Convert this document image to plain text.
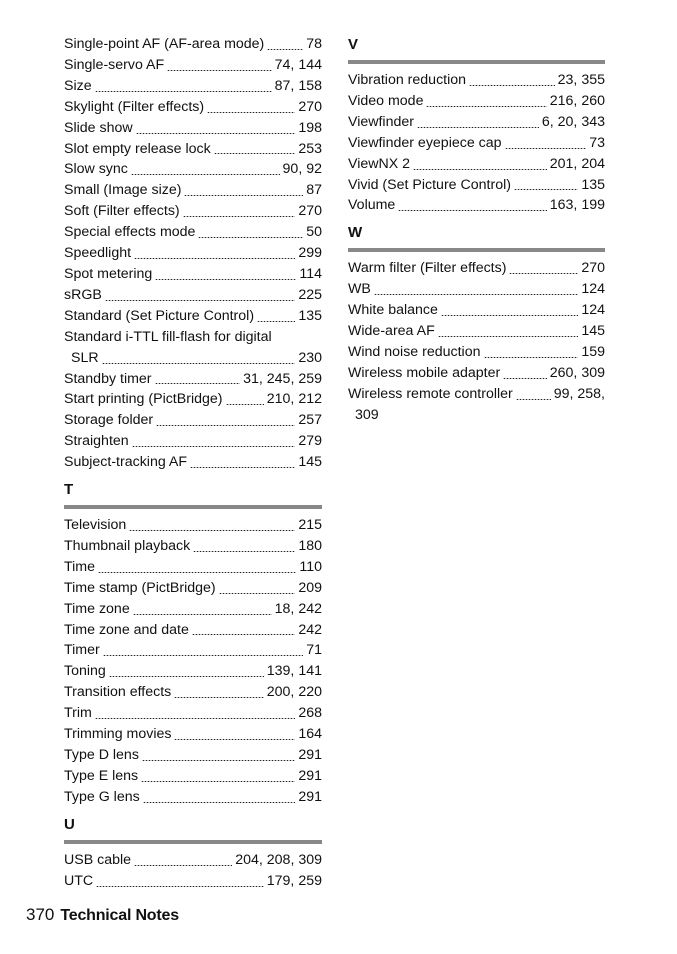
Single-point AF (AF-area mode)	78
Single-servo AF	74, 144
Size	87, 158
Skylight (Filter effects)	270
Slide show	198
Slot empty release lock	253
Slow sync	90, 92
Small (Image size)	87
Soft (Filter effects)	270
Special effects mode	50
Speedlight	299
Spot metering	114
sRGB	225
Standard (Set Picture Control)	135
Standard i-TTL fill-flash for digital
SLR	230
Standby timer	31, 245, 259
Start printing (PictBridge)	210, 212
Storage folder	257
Straighten	279
Subject-tracking AF	145
T
Television	215
Thumbnail playback	180
Time	110
Time stamp (PictBridge)	209
Time zone	18, 242
Time zone and date	242
Timer	71
Toning	139, 141
Transition effects	200, 220
Trim	268
Trimming movies	164
Type D lens	291
Type E lens	291
Type G lens	291
U
USB cable	204, 208, 309
UTC	179, 259
V
Vibration reduction	23, 355
Video mode	216, 260
Viewfinder	6, 20, 343
Viewfinder eyepiece cap	73
ViewNX 2	201, 204
Vivid (Set Picture Control)	135
Volume	163, 199
W
Warm filter (Filter effects)	270
WB	124
White balance	124
Wide-area AF	145
Wind noise reduction	159
Wireless mobile adapter	260, 309
Wireless remote controller	99, 258,
309
370 Technical Notes
